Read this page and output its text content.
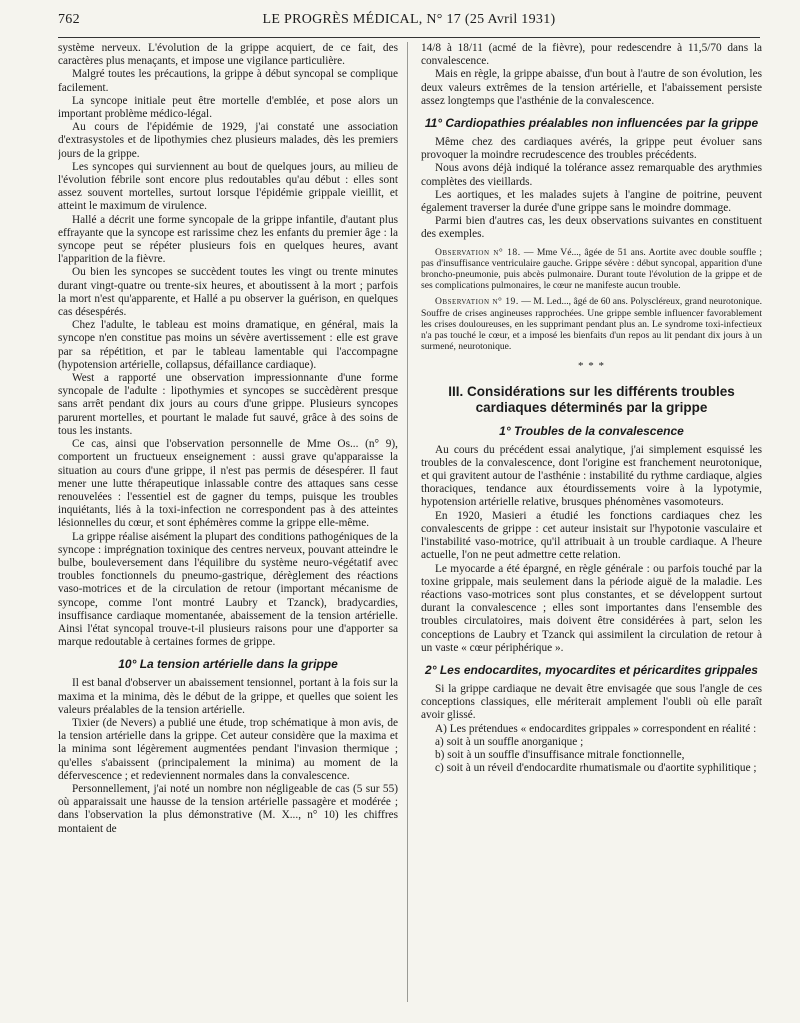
762	LE PROGRÈS MÉDICAL, N° 17 (25 Avril 1931)

système nerveux. L'évolution de la grippe acquiert, de ce fait, des caractères plus menaçants, et impose une vigilance particulière.

Malgré toutes les précautions, la grippe à début syncopal se complique facilement.

La syncope initiale peut être mortelle d'emblée, et pose alors un important problème médico-légal.

Au cours de l'épidémie de 1929, j'ai constaté une association d'extrasystoles et de lipothymies chez plusieurs malades, dès les premiers jours de la grippe.

Les syncopes qui surviennent au bout de quelques jours, au milieu de l'évolution fébrile sont encore plus redoutables qu'au début : elles sont assez souvent mortelles, surtout lorsque l'épidémie grippale vieillit, et atteint le maximum de virulence.

Hallé a décrit une forme syncopale de la grippe infantile, d'autant plus effrayante que la syncope est rarissime chez les enfants du premier âge : la syncope peut se répéter plusieurs fois en quelques heures, avant l'apparition de la fièvre.

Ou bien les syncopes se succèdent toutes les vingt ou trente minutes durant vingt-quatre ou trente-six heures, et aboutissent à la mort ; parfois la mort n'est qu'apparente, et Hallé a pu observer la guérison, en quelques cas désespérés.

Chez l'adulte, le tableau est moins dramatique, en général, mais la syncope n'en constitue pas moins un sévère avertissement : elle est grave par sa répétition, et par le tableau lamentable qui l'accompagne (hypotension artérielle, collapsus, défaillance cardiaque).

West a rapporté une observation impressionnante d'une forme syncopale de l'adulte : lipothymies et syncopes se succèdèrent presque sans arrêt pendant dix jours au cours d'une grippe. Plusieurs syncopes parurent mortelles, et pourtant le malade fut sauvé, grâce à des soins de tous les instants.

Ce cas, ainsi que l'observation personnelle de Mme Os... (n° 9), comportent un fructueux enseignement : aussi grave qu'apparaisse la situation au cours d'une grippe, il n'est pas permis de désespérer. Il faut mener une lutte thérapeutique inlassable contre des attaques sans cesse renouvelées : l'essentiel est de gagner du temps, puisque les troubles inquiétants, liés à la toxi-infection ne correspondent pas à des atteintes lésionnelles du cœur, et sont éphémères comme la grippe elle-même.

La grippe réalise aisément la plupart des conditions pathogéniques de la syncope : imprégnation toxinique des centres nerveux, pouvant atteindre le bulbe, bouleversement dans l'équilibre du système neuro-végétatif avec troubles fonctionnels du pneumo-gastrique, dérèglement des réactions vaso-motrices et de la circulation de retour (important mécanisme de syncope, comme l'ont montré Laubry et Tzanck), bradycardies, insuffisance cardiaque momentanée, abaissement de la tension artérielle. Ainsi l'état syncopal trouve-t-il plusieurs raisons pour une d'apporter sa marque redoutable à certaines formes de grippe.

10° La tension artérielle dans la grippe

Il est banal d'observer un abaissement tensionnel, portant à la fois sur la maxima et la minima, dès le début de la grippe, et quelles que soient les valeurs préalables de la tension artérielle.

Tixier (de Nevers) a publié une étude, trop schématique à mon avis, de la tension artérielle dans la grippe. Cet auteur considère que la maxima et la minima sont légèrement augmentées pendant l'invasion thermique ; qu'elles s'abaissent (principalement la minima) au moment de la défervescence ; et redeviennent normales dans la convalescence.

Personnellement, j'ai noté un nombre non négligeable de cas (5 sur 55) où apparaissait une hausse de la tension artérielle passagère et modérée ; dans l'observation la plus démonstrative (M. X..., n° 10) les chiffres montaient de

14/8 à 18/11 (acmé de la fièvre), pour redescendre à 11,5/70 dans la convalescence.

Mais en règle, la grippe abaisse, d'un bout à l'autre de son évolution, les deux valeurs extrêmes de la tension artérielle, et l'abaissement persiste assez longtemps que l'asthénie de la convalescence.

11° Cardiopathies préalables non influencées par la grippe

Même chez des cardiaques avérés, la grippe peut évoluer sans provoquer la moindre recrudescence des troubles précédents.

Nous avons déjà indiqué la tolérance assez remarquable des arythmies complètes des vieillards.

Les aortiques, et les malades sujets à l'angine de poitrine, peuvent également traverser la durée d'une grippe sans le moindre dommage.

Parmi bien d'autres cas, les deux observations suivantes en constituent des exemples.

Observation n° 18. — Mme Vé..., âgée de 51 ans. Aortite avec double souffle ; pas d'insuffisance ventriculaire gauche. Grippe sévère : début syncopal, apparition d'une broncho-pneumonie, puis abcès pulmonaire. Durant toute l'évolution de la grippe et de ses complications pulmonaires, le cœur ne manifeste aucun trouble.

Observation n° 19. — M. Led..., âgé de 60 ans. Polyscléreux, grand neurotonique. Souffre de crises angineuses rapprochées. Une grippe semble influencer favorablement les crises douloureuses, en les supprimant pendant plus an. Le syndrome toxi-infectieux n'a pas touché le cœur, et a imposé les bienfaits d'un repos au lit pendant dix jours à un surmené, neurotonique.

* * *
III. Considérations sur les différents troubles cardiaques déterminés par la grippe
1° Troubles de la convalescence

Au cours du précédent essai analytique, j'ai simplement esquissé les troubles de la convalescence, dont l'origine est franchement neurotonique, et qui gravitent autour de l'asthénie : instabilité du rythme cardiaque, algies thoraciques, tendance aux étourdissements voire à la lypotymie, hypotension artérielle relative, brusques phénomènes vasomoteurs.

En 1920, Masieri a étudié les fonctions cardiaques chez les convalescents de grippe : cet auteur insistait sur l'hypotonie vasculaire et l'instabilité vaso-motrice, qu'il attribuait à un trouble cardiaque. A l'heure actuelle, l'on ne peut admettre cette relation.

Le myocarde a été épargné, en règle générale : ou parfois touché par la toxine grippale, mais seulement dans la période aiguë de la maladie. Les réactions vaso-motrices sont plus constantes, et se développent surtout durant la convalescence ; elles sont importantes dans l'ensemble des troubles circulatoires, mais doivent être considérées à part, selon les conceptions de Laubry et Tzanck qui assimilent la circulation de retour à un vaste « cœur périphérique ».

2° Les endocardites, myocardites et péricardites grippales

Si la grippe cardiaque ne devait être envisagée que sous l'angle de ces conceptions classiques, elle mériterait amplement l'oubli où elle paraît avoir glissé.

A) Les prétendues « endocardites grippales » correspondent en réalité :

a) soit à un souffle anorganique ;

b) soit à un souffle d'insuffisance mitrale fonctionnelle,

c) soit à un réveil d'endocardite rhumatismale ou d'aortite syphilitique ;
